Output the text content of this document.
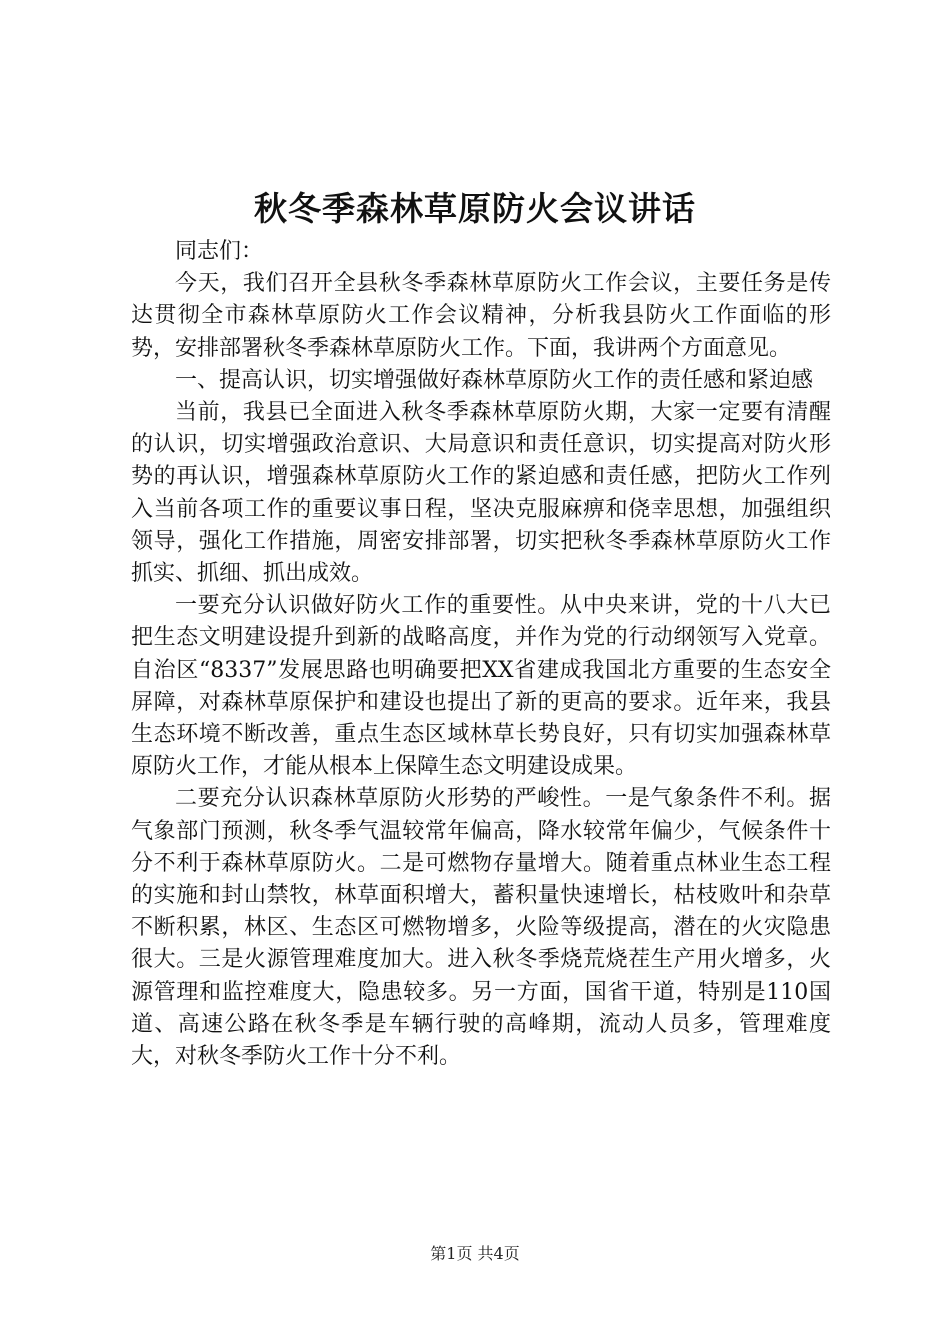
秋冬季森林草原防火会议讲话

同志们：

今天，我们召开全县秋冬季森林草原防火工作会议，主要任务是传达贯彻全市森林草原防火工作会议精神，分析我县防火工作面临的形势，安排部署秋冬季森林草原防火工作。下面，我讲两个方面意见。

一、提高认识，切实增强做好森林草原防火工作的责任感和紧迫感

当前，我县已全面进入秋冬季森林草原防火期，大家一定要有清醒的认识，切实增强政治意识、大局意识和责任意识，切实提高对防火形势的再认识，增强森林草原防火工作的紧迫感和责任感，把防火工作列入当前各项工作的重要议事日程，坚决克服麻痹和侥幸思想，加强组织领导，强化工作措施，周密安排部署，切实把秋冬季森林草原防火工作抓实、抓细、抓出成效。

一要充分认识做好防火工作的重要性。从中央来讲，党的十八大已把生态文明建设提升到新的战略高度，并作为党的行动纲领写入党章。自治区“8337”发展思路也明确要把XX省建成我国北方重要的生态安全屏障，对森林草原保护和建设也提出了新的更高的要求。近年来，我县生态环境不断改善，重点生态区域林草长势良好，只有切实加强森林草原防火工作，才能从根本上保障生态文明建设成果。

二要充分认识森林草原防火形势的严峻性。一是气象条件不利。据气象部门预测，秋冬季气温较常年偏高，降水较常年偏少，气候条件十分不利于森林草原防火。二是可燃物存量增大。随着重点林业生态工程的实施和封山禁牧，林草面积增大，蓄积量快速增长，枯枝败叶和杂草不断积累，林区、生态区可燃物增多，火险等级提高，潜在的火灾隐患很大。三是火源管理难度加大。进入秋冬季烧荒烧茬生产用火增多，火源管理和监控难度大，隐患较多。另一方面，国省干道，特别是110国道、高速公路在秋冬季是车辆行驶的高峰期，流动人员多，管理难度大，对秋冬季防火工作十分不利。

第1页 共4页
